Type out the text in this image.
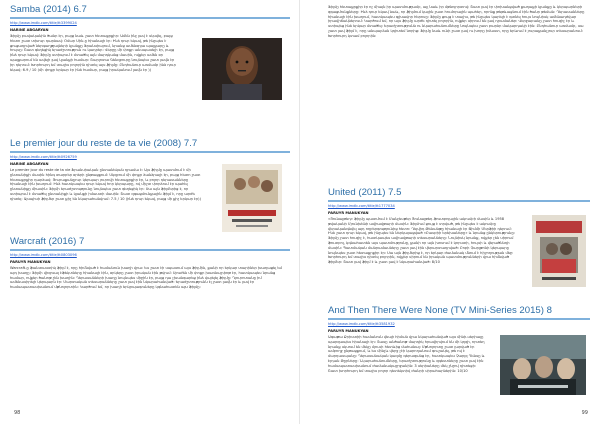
Samba (2014) 6.7
http://www.imdb.com/title/tt3399024
NARINE ABGARYAN

Ֆիլմը բավականին ծանր էր, բայց նաև շատ հետաքրքիր: Ամեն ինչ լավ է սկսվել, բայց հետո շատ տխուր դարձավ: Օմար Սին-ը հիանալի էր: Ինձ դուր եկավ, թե ինչպես է ցուցադրված ներգաղթյալների կյանքը Ֆրանսիայում, նրանց ամենօրյա պայքարը և հույսը: Շատ գեղեցիկ երաժշտություն ու կադրեր: Վերջը մի փոքր անսպասելի էր, բայց ինձ դուր եկավ: Ֆիլմը ստիպում է մտածել այն մարդկանց մասին, ովքեր ամեն օր պայքարում են ավելի լավ կյանքի համար: Շարլոտա Գենզբուրը նույնպես շատ լավն էր իր դերում: Խորհուրդ եմ տալիս բոլորին դիտել այս ֆիլմը: Ընդհանուր առմամբ ինձ դուր եկավ: 6.9 / 10 (մի փոքր երկար էր ինձ համար, բայց իրականում լավն էր ))

Le premier jour du reste de ta vie (2008) 7.7
http://www.imdb.com/title/tt0926759
NARINE ABGARYAN

Le premier jour du reste de ta vie Ֆրանսիական ընտանեկան դրամա է: Այս ֆիլմը պատմում է մի ընտանիքի մասին հինգ տարբեր օրերի ընթացքում: Սկզբում մի փոքր ձանձրալի էր, բայց հետո շատ հետաքրքիր դարձավ: Յուրաքանչյուր կերպար յուրովի հետաքրքիր էր, և բոլոր դերասանները հիանալի էին խաղում: Ինձ հատկապես դուր եկավ հոր կերպարը, ով միշտ փորձում էր պահել ընտանիքը միասին: Ֆիլմի երաժշտությունը նույնպես շատ գեղեցիկ էր: Սա այն ֆիլմերից է, որ ստիպում է մտածել ընտանիքի և կյանքի իմաստի մասին: Շատ զգացմունքային ֆիլմ է, որը արժե դիտել: Այսպիսի ֆիլմեր շատ քիչ են նկարահանվում: 7.5 / 10 (ինձ դուր եկավ, բայց մի քիչ երկար էր))

Warcraft (2016) 7
http://www.imdb.com/title/tt0803096
PARUYR MANUKYAN

Warcraft-ը ֆանտաստիկ ֆիլմ է, որը հիմնված է համանուն խաղի վրա: Ես շատ էի սպասում այս ֆիլմին, քանի որ երկար տարիներ խաղացել եմ այդ խաղը: Ֆիլմի վիզուալ էֆեկտները հիանալի էին, օրկերը շատ իրական էին թվում: Սյուժեն մի փոքր խառնաշփոթ էր, հատկապես նրանց համար, ովքեր ծանոթ չեն խաղին: Դերասանների խաղը նույնպես միջին էր, բայց դա չխանգարեց ինձ վայելել ֆիլմը: Դյուրոտանը իմ ամենասիրելի կերպարն էր: Մարտական տեսարանները շատ լավ էին նկարահանված: Երաժշտությունն էլ շատ լավն էր և լավ էր համապատասխանում մթնոլորտին: Կարծում եմ, որ խաղի երկրպագուները կգնահատեն այս ֆիլմը:

98

Ֆիլմը հետաքրքիր էր ոչ միայն իր պատմությամբ, այլ նաև իր մթնոլորտով: Շատ լավ էր փոխանցված քաղաքի կյանքը և կերպարների զգացմունքները: Ինձ դուր եկավ նաև, որ ֆիլմում կային շատ հումորային պահեր, որոնք թեթևացնում էին ծանր թեման: Դերասանները հիանալի էին խաղում, հատկապես գլխավոր հերոսը: Ֆիլմը ցույց է տալիս, թե ինչպես կարելի է գտնել հույս նույնիսկ ամենադժվար իրավիճակներում: Կարծում եմ, որ այս ֆիլմը արժե դիտել բոլորին, ովքեր սիրում են լավ դրամաներ: Վերջաբանը շատ հուզիչ էր և ստիպեց ինձ երկար մտածել: Երաժշտությունն ու նկարահանումները նույնպես շատ բարձր մակարդակի էին: Ընդհանուր առմամբ, սա շատ լավ ֆիլմ է, որը անպայման կդիտեմ նորից: Ֆիլմը նաև ունի շատ լավ ու խորը իմաստ, որը երևում է յուրաքանչյուր տեսարանում: Խորհուրդ կտամ բոլորին:

United (2011) 7.5
http://www.imdb.com/title/tt1777034
PARUYR MANUKYAN

«Յունայթեդ» ֆիլմը պատմում է Մանչեսթեր Յունայթեդ ֆուտբոլային ակումբի մասին և 1958 թվականի Մյունխենի ավիավթարի մասին: Ֆիլմում ցույց է տրված, թե ինչպես է ակումբը վերականգնվել այդ ողբերգությունից հետո: Դեյվիդ Թենանթը հիանալի էր Ջիմմի Մերֆիի դերում: Ինձ շատ դուր եկավ, թե ինչպես են ներկայացված «Բասբիի երեխաները» և նրանց ընկերությունը: Ֆիլմը շատ հուզիչ է, հատկապես ավիավթարի տեսարանները: Նույնիսկ նրանք, ովքեր չեն սիրում ֆուտբոլ, կգնահատեն այս պատմությունը, քանի որ այն խոսում է կորստի, հույսի և վերածննդի մասին: Պատմական մանրամասները շատ լավ էին վերարտադրված: Բոբի Չարլթոնի կերպարը նույնպես շատ հետաքրքիր էր: Սա այն ֆիլմերից է, որ երկար ժամանակ մնում է հիշողության մեջ: Խորհուրդ եմ տալիս դիտել բոլորին, ովքեր սիրում են իրական պատմությունների վրա հիմնված ֆիլմեր: Շատ լավ ֆիլմ է և շատ լավ է նկարահանված: 8/10

And Then There Were None (TV Mini-Series 2015) 8
http://www.imdb.com/title/tt3581932
PARUYR MANUKYAN

Ագաթա Քրիստիի համանուն վեպի հիման վրա նկարահանված այս մինի-սերիալը պարզապես հիանալի էր: Տասը անծանոթ մարդիկ հրավիրվում են մի կղզի, որտեղ նրանք սկսում են մեկը մյուսի հետևից մահանալ: Մթնոլորտը շատ լարված էր ամբողջ ընթացքում, և ես մինչև վերջ չէի կարողանում գուշակել, թե ով է մարդասպանը: Դերասանական կազմը գերազանց էր, հատկապես Չարլզ Դենսը և Էյդան Թըրները: Նկարահանումները, երաժշտությունը և զգեստները շատ լավ էին համապատասխանում ժամանակաշրջանին: 3 սերիաները մեկ շնչով դիտեցի: Շատ խորհուրդ եմ տալիս բոլոր դետեկտիվ ժանրի սիրահարներին: 10/10

99
